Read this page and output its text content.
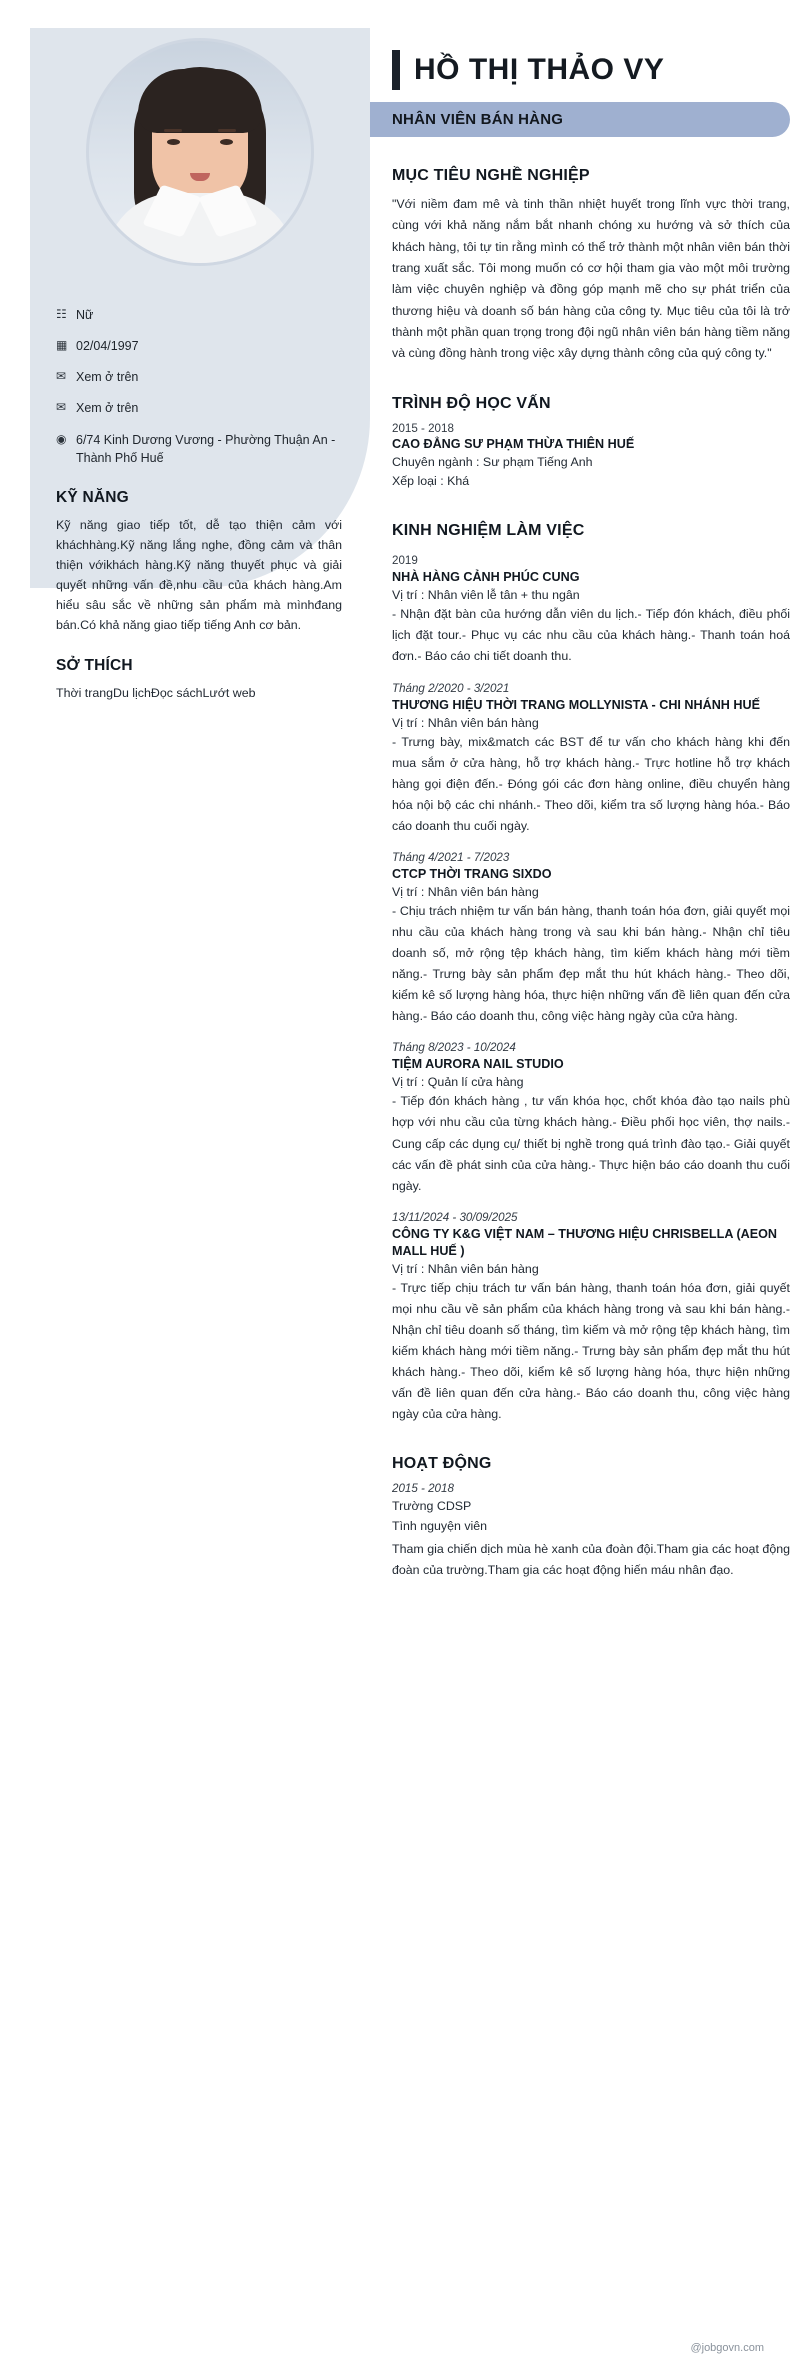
☷ Nữ
▦ 02/04/1997
✉ Xem ở trên
✉ Xem ở trên
◉ 6/74 Kinh Dương Vương - Phường Thuận An - Thành Phố Huế
KỸ NĂNG
Kỹ năng giao tiếp tốt, dễ tạo thiện cảm với kháchhàng.Kỹ năng lắng nghe, đồng cảm và thân thiện vớikhách hàng.Kỹ năng thuyết phục và giải quyết những vấn đề,nhu cầu của khách hàng.Am hiểu sâu sắc về những sản phẩm mà mìnhđang bán.Có khả năng giao tiếp tiếng Anh cơ bản.
SỞ THÍCH
Thời trangDu lịchĐọc sáchLướt web
HỒ THỊ THẢO VY
NHÂN VIÊN BÁN HÀNG
MỤC TIÊU NGHỀ NGHIỆP
"Với niềm đam mê và tinh thần nhiệt huyết trong lĩnh vực thời trang, cùng với khả năng nắm bắt nhanh chóng xu hướng và sở thích của khách hàng, tôi tự tin rằng mình có thể trở thành một nhân viên bán thời trang xuất sắc. Tôi mong muốn có cơ hội tham gia vào một môi trường làm việc chuyên nghiệp và đồng góp mạnh mẽ cho sự phát triển của thương hiệu và doanh số bán hàng của công ty. Mục tiêu của tôi là trở thành một phần quan trọng trong đội ngũ nhân viên bán hàng tiềm năng và cùng đồng hành trong việc xây dựng thành công của quý công ty."
TRÌNH ĐỘ HỌC VẤN
2015 - 2018
CAO ĐẲNG SƯ PHẠM THỪA THIÊN HUẾ
Chuyên ngành : Sư phạm Tiếng Anh
Xếp loại : Khá
KINH NGHIỆM LÀM VIỆC
2019
NHÀ HÀNG CẢNH PHÚC CUNG
Vị trí : Nhân viên lễ tân + thu ngân
- Nhận đặt bàn của hướng dẫn viên du lịch.- Tiếp đón khách, điều phối lịch đặt tour.- Phục vụ các nhu cầu của khách hàng.- Thanh toán hoá đơn.- Báo cáo chi tiết doanh thu.
Tháng 2/2020 - 3/2021
THƯƠNG HIỆU THỜI TRANG MOLLYNISTA - CHI NHÁNH HUẾ
Vị trí : Nhân viên bán hàng
- Trưng bày, mix&match các BST để tư vấn cho khách hàng khi đến mua sắm ở cửa hàng, hỗ trợ khách hàng.- Trực hotline hỗ trợ khách hàng gọi điện đến.- Đóng gói các đơn hàng online, điều chuyển hàng hóa nội bộ các chi nhánh.- Theo dõi, kiểm tra số lượng hàng hóa.- Báo cáo doanh thu cuối ngày.
Tháng 4/2021 - 7/2023
CTCP THỜI TRANG SIXDO
Vị trí : Nhân viên bán hàng
- Chịu trách nhiệm tư vấn bán hàng, thanh toán hóa đơn, giải quyết mọi nhu cầu của khách hàng trong và sau khi bán hàng.- Nhận chỉ tiêu doanh số, mở rộng tệp khách hàng, tìm kiếm khách hàng mới tiềm năng.- Trưng bày sản phẩm đẹp mắt thu hút khách hàng.- Theo dõi, kiểm kê số lượng hàng hóa, thực hiện những vấn đề liên quan đến cửa hàng.- Báo cáo doanh thu, công việc hàng ngày của cửa hàng.
Tháng 8/2023 - 10/2024
TIỆM AURORA NAIL STUDIO
Vị trí : Quản lí cửa hàng
- Tiếp đón khách hàng , tư vấn khóa học, chốt khóa đào tạo nails phù hợp với nhu cầu của từng khách hàng.- Điều phối học viên, thợ nails.- Cung cấp các dụng cụ/ thiết bị nghề trong quá trình đào tạo.- Giải quyết các vấn đề phát sinh của cửa hàng.- Thực hiện báo cáo doanh thu cuối ngày.
13/11/2024 - 30/09/2025
CÔNG TY K&G VIỆT NAM – THƯƠNG HIỆU CHRISBELLA (AEON MALL HUẾ )
Vị trí : Nhân viên bán hàng
- Trực tiếp chịu trách tư vấn bán hàng, thanh toán hóa đơn, giải quyết mọi nhu cầu về sản phẩm của khách hàng trong và sau khi bán hàng.- Nhận chỉ tiêu doanh số tháng, tìm kiếm và mở rộng tệp khách hàng, tìm kiếm khách hàng mới tiềm năng.- Trưng bày sản phẩm đẹp mắt thu hút khách hàng.- Theo dõi, kiểm kê số lượng hàng hóa, thực hiện những vấn đề liên quan đến cửa hàng.- Báo cáo doanh thu, công việc hàng ngày của cửa hàng.
HOẠT ĐỘNG
2015 - 2018
Trường CDSP
Tình nguyện viên
Tham gia chiến dịch mùa hè xanh của đoàn đội.Tham gia các hoạt động đoàn của trường.Tham gia các hoạt động hiến máu nhân đạo.
@jobgovn.com
